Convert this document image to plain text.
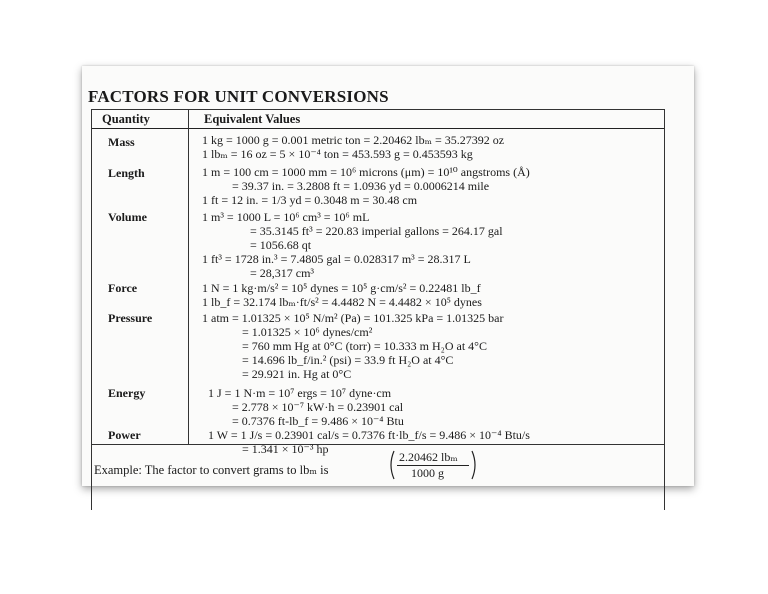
FACTORS FOR UNIT CONVERSIONS
Quantity	Equivalent Values
Mass	1 kg = 1000 g = 0.001 metric ton = 2.20462 lbₘ = 35.27392 oz
1 lbₘ = 16 oz = 5 × 10⁻⁴ ton = 453.593 g = 0.453593 kg
Length	1 m = 100 cm = 1000 mm = 10⁶ microns (μm) = 10¹⁰ angstroms (Å)
= 39.37 in. = 3.2808 ft = 1.0936 yd = 0.0006214 mile
1 ft = 12 in. = 1/3 yd = 0.3048 m = 30.48 cm
Volume	1 m³ = 1000 L = 10⁶ cm³ = 10⁶ mL
= 35.3145 ft³ = 220.83 imperial gallons = 264.17 gal
= 1056.68 qt
1 ft³ = 1728 in.³ = 7.4805 gal = 0.028317 m³ = 28.317 L
= 28,317 cm³
Force	1 N = 1 kg·m/s² = 10⁵ dynes = 10⁵ g·cm/s² = 0.22481 lb_f
1 lb_f = 32.174 lbₘ·ft/s² = 4.4482 N = 4.4482 × 10⁵ dynes
Pressure	1 atm = 1.01325 × 10⁵ N/m² (Pa) = 101.325 kPa = 1.01325 bar
= 1.01325 × 10⁶ dynes/cm²
= 760 mm Hg at 0°C (torr) = 10.333 m H₂O at 4°C
= 14.696 lb_f/in.² (psi) = 33.9 ft H₂O at 4°C
= 29.921 in. Hg at 0°C
Energy	1 J = 1 N·m = 10⁷ ergs = 10⁷ dyne·cm
= 2.778 × 10⁻⁷ kW·h = 0.23901 cal
= 0.7376 ft-lb_f = 9.486 × 10⁻⁴ Btu
Power	1 W = 1 J/s = 0.23901 cal/s = 0.7376 ft·lb_f/s = 9.486 × 10⁻⁴ Btu/s
= 1.341 × 10⁻³ hp
Example: The factor to convert grams to lbₘ is
2.20462 lbₘ
1000 g
